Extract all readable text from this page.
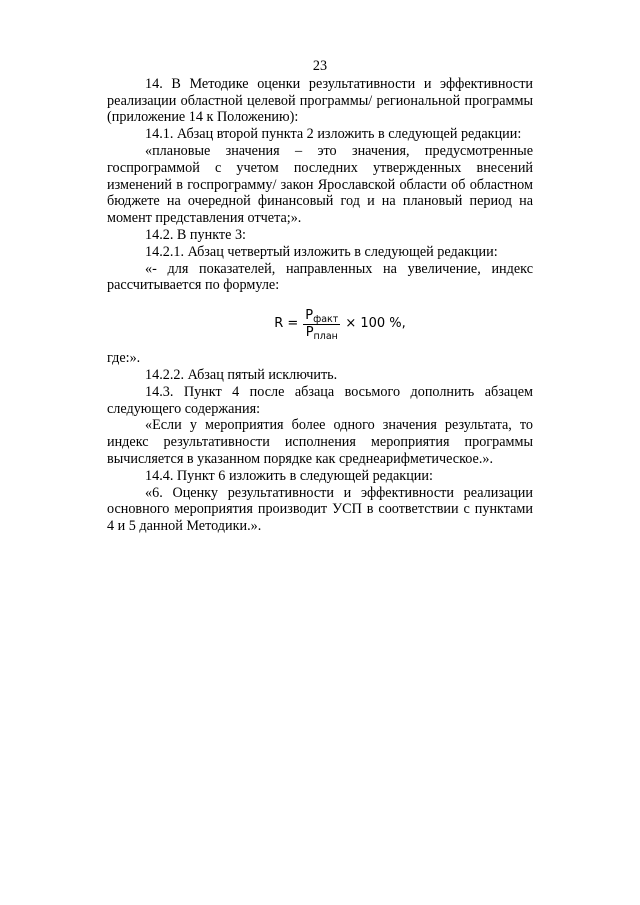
23

14. В Методике оценки результативности и эффективности реализации областной целевой программы/ региональной программы (приложение 14 к Положению):

14.1. Абзац второй пункта 2 изложить в следующей редакции:

«плановые значения – это значения, предусмотренные госпрограммой с учетом последних утвержденных внесений изменений в госпрограмму/ закон Ярославской области об областном бюджете на очередной финансовый год и на плановый период на момент представления отчета;».

14.2. В пункте 3:

14.2.1. Абзац четвертый изложить в следующей редакции:

«- для показателей, направленных на увеличение, индекс

рассчитывается по формуле:

$R = \frac{P_{факт}}{P_{план}} \times 100$ %,

где:».

14.2.2. Абзац пятый исключить.

14.3. Пункт 4 после абзаца восьмого дополнить абзацем следующего содержания:

«Если у мероприятия более одного значения результата, то индекс результативности исполнения мероприятия программы вычисляется в указанном порядке как среднеарифметическое.».

14.4. Пункт 6 изложить в следующей редакции:

«6. Оценку результативности и эффективности реализации основного мероприятия производит УСП в соответствии с пунктами 4 и 5 данной Методики.».
